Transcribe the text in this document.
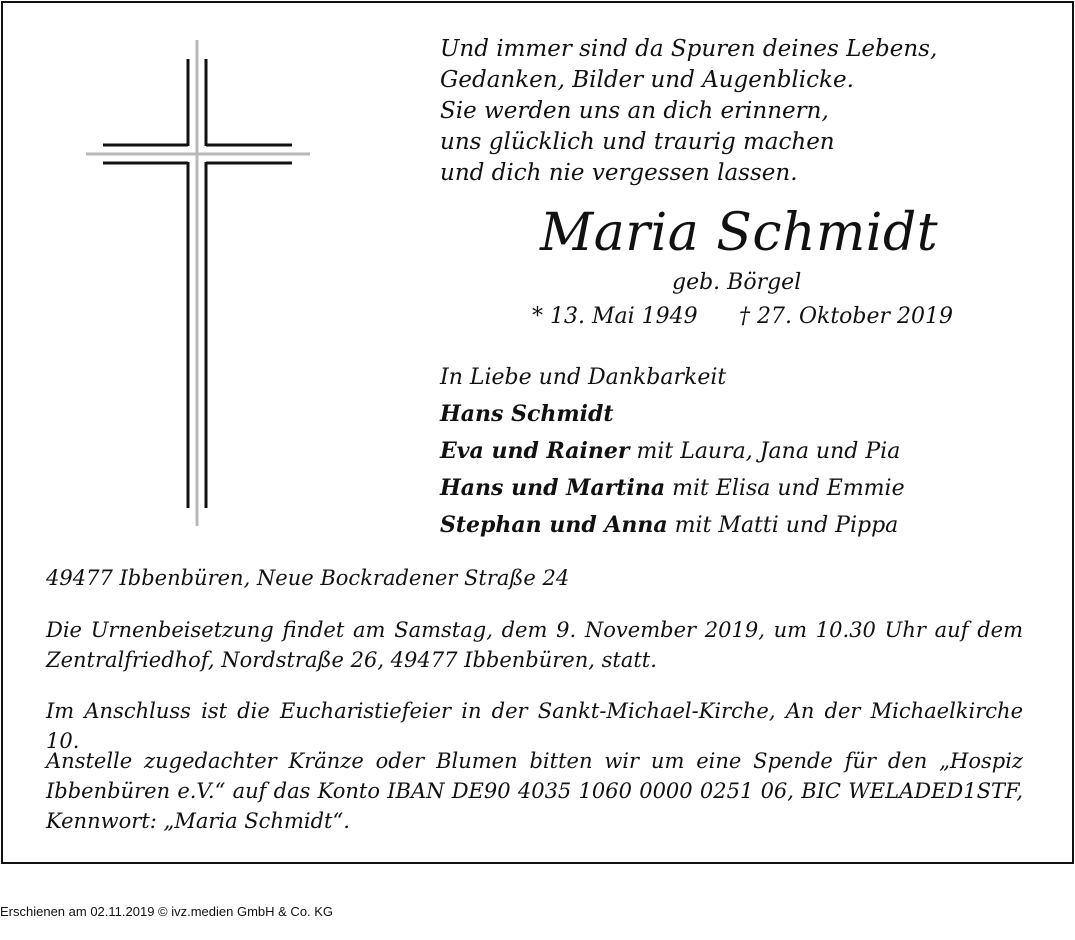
Und immer sind da Spuren deines Lebens,
Gedanken, Bilder und Augenblicke.
Sie werden uns an dich erinnern,
uns glücklich und traurig machen
und dich nie vergessen lassen.
Maria Schmidt
geb. Börgel
* 13. Mai 1949 † 27. Oktober 2019
In Liebe und Dankbarkeit
Hans Schmidt
Eva und Rainer mit Laura, Jana und Pia
Hans und Martina mit Elisa und Emmie
Stephan und Anna mit Matti und Pippa
49477 Ibbenbüren, Neue Bockradener Straße 24
Die Urnenbeisetzung findet am Samstag, dem 9. November 2019, um 10.30 Uhr auf dem Zentralfriedhof, Nordstraße 26, 49477 Ibbenbüren, statt.
Im Anschluss ist die Eucharistiefeier in der Sankt-Michael-Kirche, An der Michaelkirche 10.
Anstelle zugedachter Kränze oder Blumen bitten wir um eine Spende für den „Hospiz Ibbenbüren e.V.“ auf das Konto IBAN DE90 4035 1060 0000 0251 06, BIC WELADED1STF, Kennwort: „Maria Schmidt“.
Erschienen am 02.11.2019 © ivz.medien GmbH & Co. KG
